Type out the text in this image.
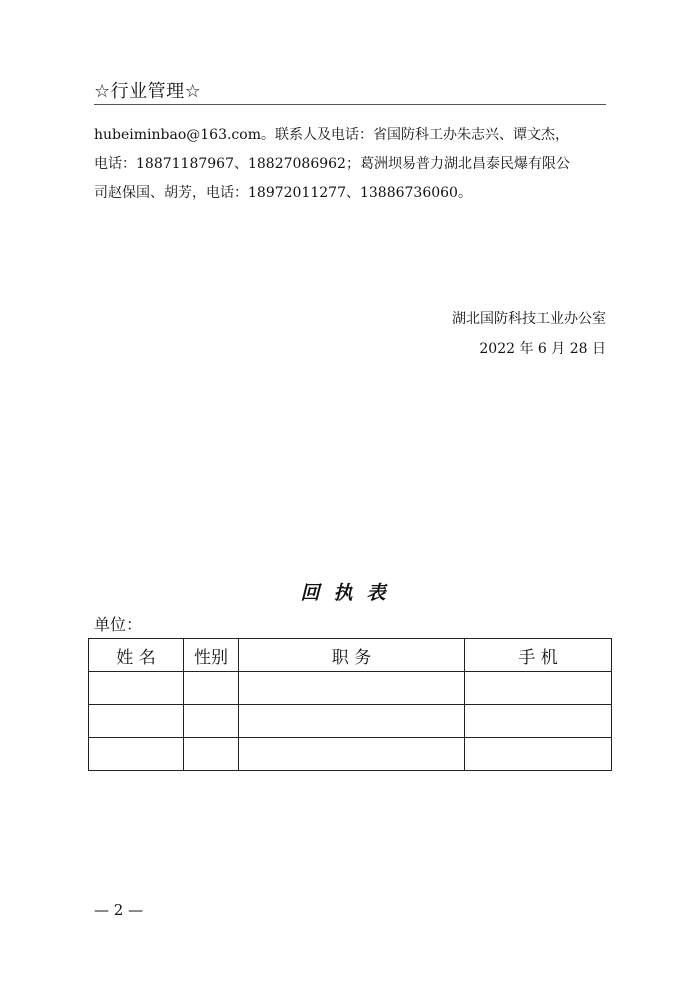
☆行业管理☆
hubeiminbao@163.com。联系人及电话：省国防科工办朱志兴、谭文杰，
电话：18871187967、18827086962；葛洲坝易普力湖北昌泰民爆有限公
司赵保国、胡芳，电话：18972011277、13886736060。
湖北国防科技工业办公室
2022 年 6 月 28 日
回执表
单位：
姓 名	性别	职 务	手 机

— 2 —
